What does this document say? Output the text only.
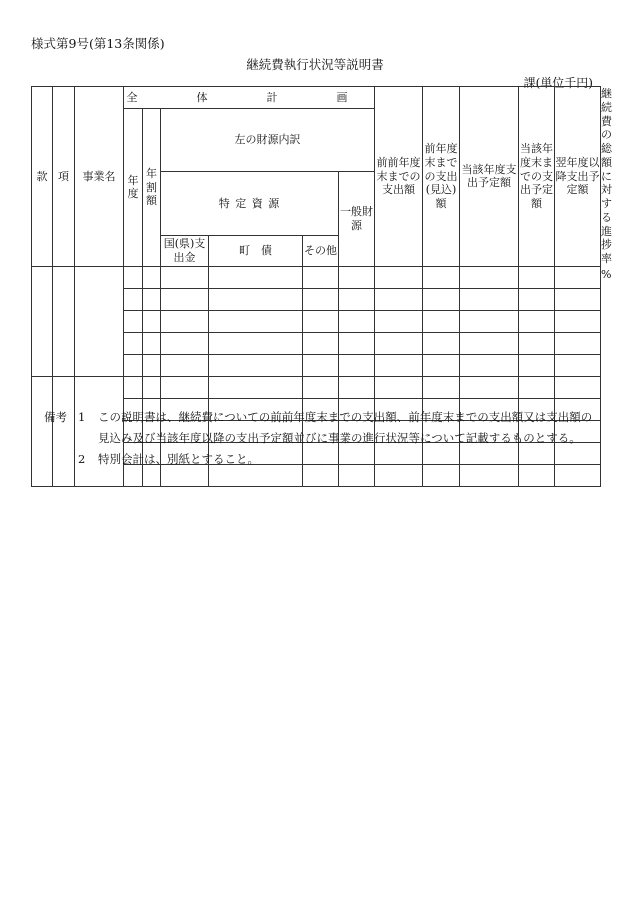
様式第9号(第13条関係)
継続費執行状況等説明書
課(単位千円)
款	項	事業名	全　体　計　画						前前年度末までの支出額	前年度末までの支出(見込)額	当該年度支出予定額	当該年度末までの支出予定額	翌年度以降支出予定額	継続費の総額に対する進捗率
			年度	年割額	左の財源内訳									
					特 定 資 源			一般財源						
					国(県)支出金	町　債	その他							
														%

備考 1	この説明書は、継続費についての前前年度末までの支出額、前年度末までの支出額又は支出額の
見込み及び当該年度以降の支出予定額並びに事業の進行状況等について記載するものとする。
2	特別会計は、別紙とすること。
